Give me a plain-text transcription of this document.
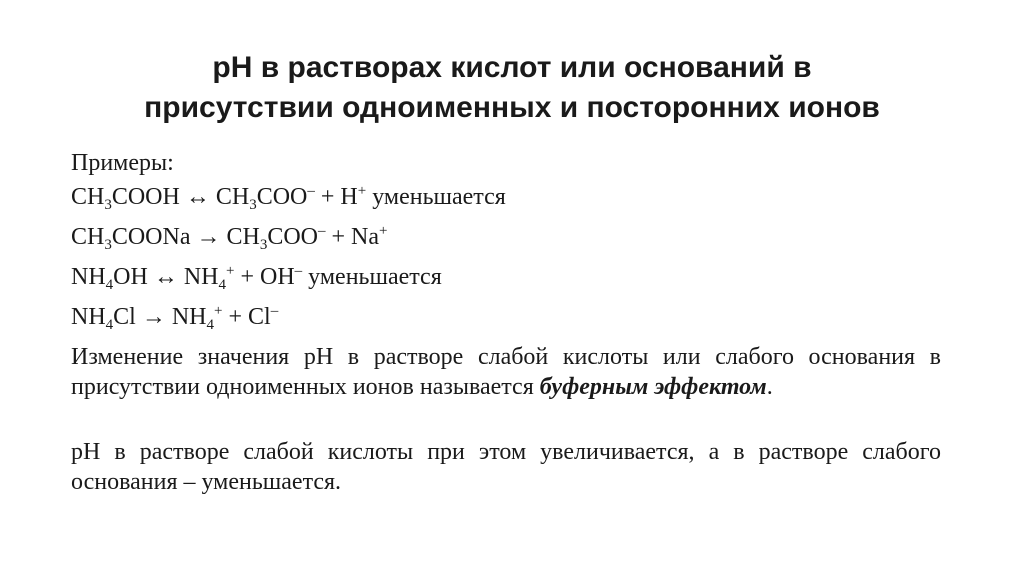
pH в растворах кислот или оснований в
присутствии одноименных и посторонних ионов
Примеры:
$CH_3COOH$ ↔ $CH_3COO^- + H^+$ уменьшается
$CH_3COONa \to CH_3COO^- + Na^+$
$NH_4OH$ ↔ $NH_4^+ + OH^-$ уменьшается
$NH_4Cl \to NH_4^+ + Cl^-$
Изменение значения pH в растворе слабой кислоты или слабого основания в присутствии одноименных ионов называется буферным эффектом.
pH в растворе слабой кислоты при этом увеличивается, а в растворе слабого основания – уменьшается.
